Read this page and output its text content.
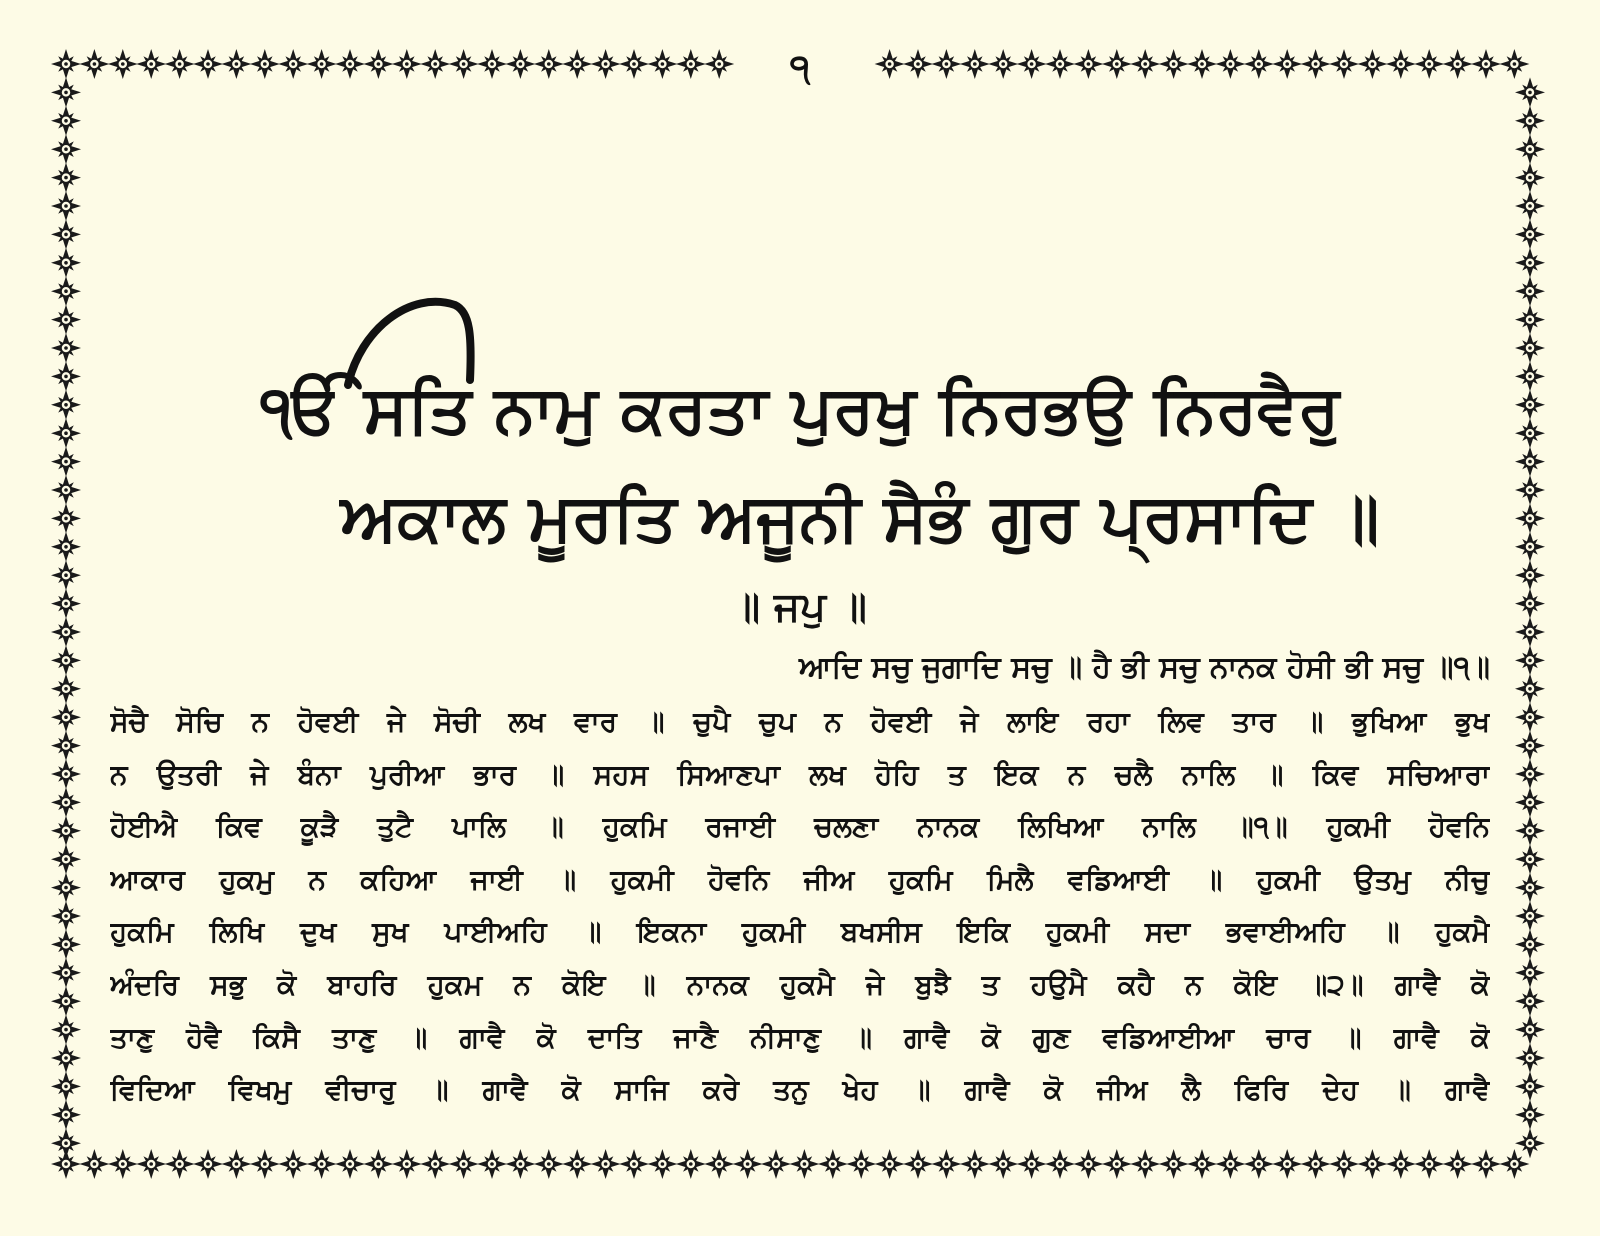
੧
ੴ ਸਤਿ ਨਾਮੁ ਕਰਤਾ ਪੁਰਖੁ ਨਿਰਭਉ ਨਿਰਵੈਰੁ
ਅਕਾਲ ਮੂਰਤਿ ਅਜੂਨੀ ਸੈਭੰ ਗੁਰ ਪ੍ਰਸਾਦਿ ॥
॥ ਜਪੁ ॥
ਆਦਿ ਸਚੁ ਜੁਗਾਦਿ ਸਚੁ ॥ ਹੈ ਭੀ ਸਚੁ ਨਾਨਕ ਹੋਸੀ ਭੀ ਸਚੁ ॥੧॥
ਸੋਚੈ ਸੋਚਿ ਨ ਹੋਵਈ ਜੇ ਸੋਚੀ ਲਖ ਵਾਰ ॥ ਚੁਪੈ ਚੁਪ ਨ ਹੋਵਈ ਜੇ ਲਾਇ ਰਹਾ ਲਿਵ ਤਾਰ ॥ ਭੁਖਿਆ ਭੁਖ
ਨ ਉਤਰੀ ਜੇ ਬੰਨਾ ਪੁਰੀਆ ਭਾਰ ॥ ਸਹਸ ਸਿਆਣਪਾ ਲਖ ਹੋਹਿ ਤ ਇਕ ਨ ਚਲੈ ਨਾਲਿ ॥ ਕਿਵ ਸਚਿਆਰਾ
ਹੋਈਐ ਕਿਵ ਕੂੜੈ ਤੁਟੈ ਪਾਲਿ ॥ ਹੁਕਮਿ ਰਜਾਈ ਚਲਣਾ ਨਾਨਕ ਲਿਖਿਆ ਨਾਲਿ ॥੧॥ ਹੁਕਮੀ ਹੋਵਨਿ
ਆਕਾਰ ਹੁਕਮੁ ਨ ਕਹਿਆ ਜਾਈ ॥ ਹੁਕਮੀ ਹੋਵਨਿ ਜੀਅ ਹੁਕਮਿ ਮਿਲੈ ਵਡਿਆਈ ॥ ਹੁਕਮੀ ਉਤਮੁ ਨੀਚੁ
ਹੁਕਮਿ ਲਿਖਿ ਦੁਖ ਸੁਖ ਪਾਈਅਹਿ ॥ ਇਕਨਾ ਹੁਕਮੀ ਬਖਸੀਸ ਇਕਿ ਹੁਕਮੀ ਸਦਾ ਭਵਾਈਅਹਿ ॥ ਹੁਕਮੈ
ਅੰਦਰਿ ਸਭੁ ਕੋ ਬਾਹਰਿ ਹੁਕਮ ਨ ਕੋਇ ॥ ਨਾਨਕ ਹੁਕਮੈ ਜੇ ਬੁਝੈ ਤ ਹਉਮੈ ਕਹੈ ਨ ਕੋਇ ॥੨॥ ਗਾਵੈ ਕੋ
ਤਾਣੁ ਹੋਵੈ ਕਿਸੈ ਤਾਣੁ ॥ ਗਾਵੈ ਕੋ ਦਾਤਿ ਜਾਣੈ ਨੀਸਾਣੁ ॥ ਗਾਵੈ ਕੋ ਗੁਣ ਵਡਿਆਈਆ ਚਾਰ ॥ ਗਾਵੈ ਕੋ
ਵਿਦਿਆ ਵਿਖਮੁ ਵੀਚਾਰੁ ॥ ਗਾਵੈ ਕੋ ਸਾਜਿ ਕਰੇ ਤਨੁ ਖੇਹ ॥ ਗਾਵੈ ਕੋ ਜੀਅ ਲੈ ਫਿਰਿ ਦੇਹ ॥ ਗਾਵੈ
